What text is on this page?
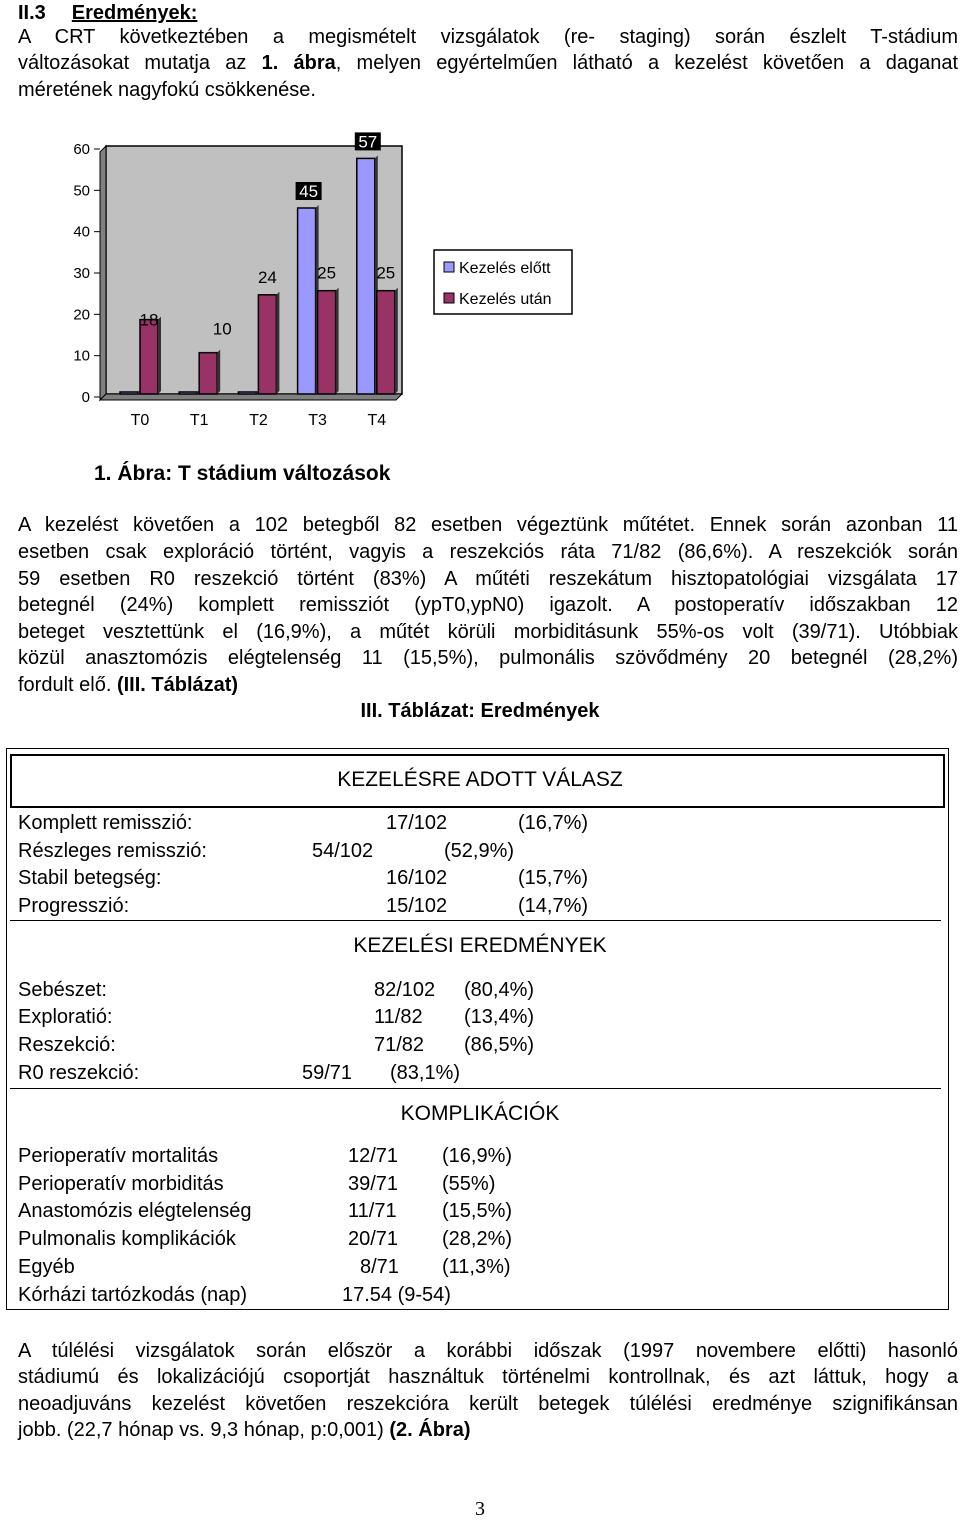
II.3 Eredmények:
A CRT következtében a megismételt vizsgálatok (re- staging) során észlelt T-stádium
változásokat mutatja az 1. ábra, melyen egyértelműen látható a kezelést követően a daganat
méretének nagyfokú csökkenése.
0
10
20
30
40
50
60
18
T0
10
T1
24
T2
45
25
T3
57
25
T4
Kezelés előtt
Kezelés után
1. Ábra: T stádium változások
A kezelést követően a 102 betegből 82 esetben végeztünk műtétet. Ennek során azonban 11
esetben csak exploráció történt, vagyis a reszekciós ráta 71/82 (86,6%). A reszekciók során
59 esetben R0 reszekció történt (83%) A műtéti reszekátum hisztopatológiai vizsgálata 17
betegnél (24%) komplett remissziót (ypT0,ypN0) igazolt. A postoperatív időszakban 12
beteget vesztettünk el (16,9%), a műtét körüli morbiditásunk 55%-os volt (39/71). Utóbbiak
közül anasztomózis elégtelenség 11 (15,5%), pulmonális szövődmény 20 betegnél (28,2%)
fordult elő. (III. Táblázat)
III. Táblázat: Eredmények
KEZELÉSRE ADOTT VÁLASZ
Komplett remisszió:	17/102	(16,7%)
Részleges remisszió:	54/102	(52,9%)
Stabil betegség:	16/102	(15,7%)
Progresszió:	15/102	(14,7%)
KEZELÉSI EREDMÉNYEK
Sebészet:	82/102 (80,4%)
Exploratió:	11/82 (13,4%)
Reszekció:	71/82 (86,5%)
R0 reszekció:	59/71 (83,1%)
KOMPLIKÁCIÓK
Perioperatív mortalitás	12/71 (16,9%)
Perioperatív morbiditás	39/71 (55%)
Anastomózis elégtelenség	11/71 (15,5%)
Pulmonalis komplikációk	20/71 (28,2%)
Egyéb	8/71 (11,3%)
Kórházi tartózkodás (nap)	17.54 (9-54)
A túlélési vizsgálatok során először a korábbi időszak (1997 novembere előtti) hasonló
stádiumú és lokalizációjú csoportját használtuk történelmi kontrollnak, és azt láttuk, hogy a
neoadjuváns kezelést követően reszekcióra került betegek túlélési eredménye szignifikánsan
jobb. (22,7 hónap vs. 9,3 hónap, p:0,001) (2. Ábra)
3
